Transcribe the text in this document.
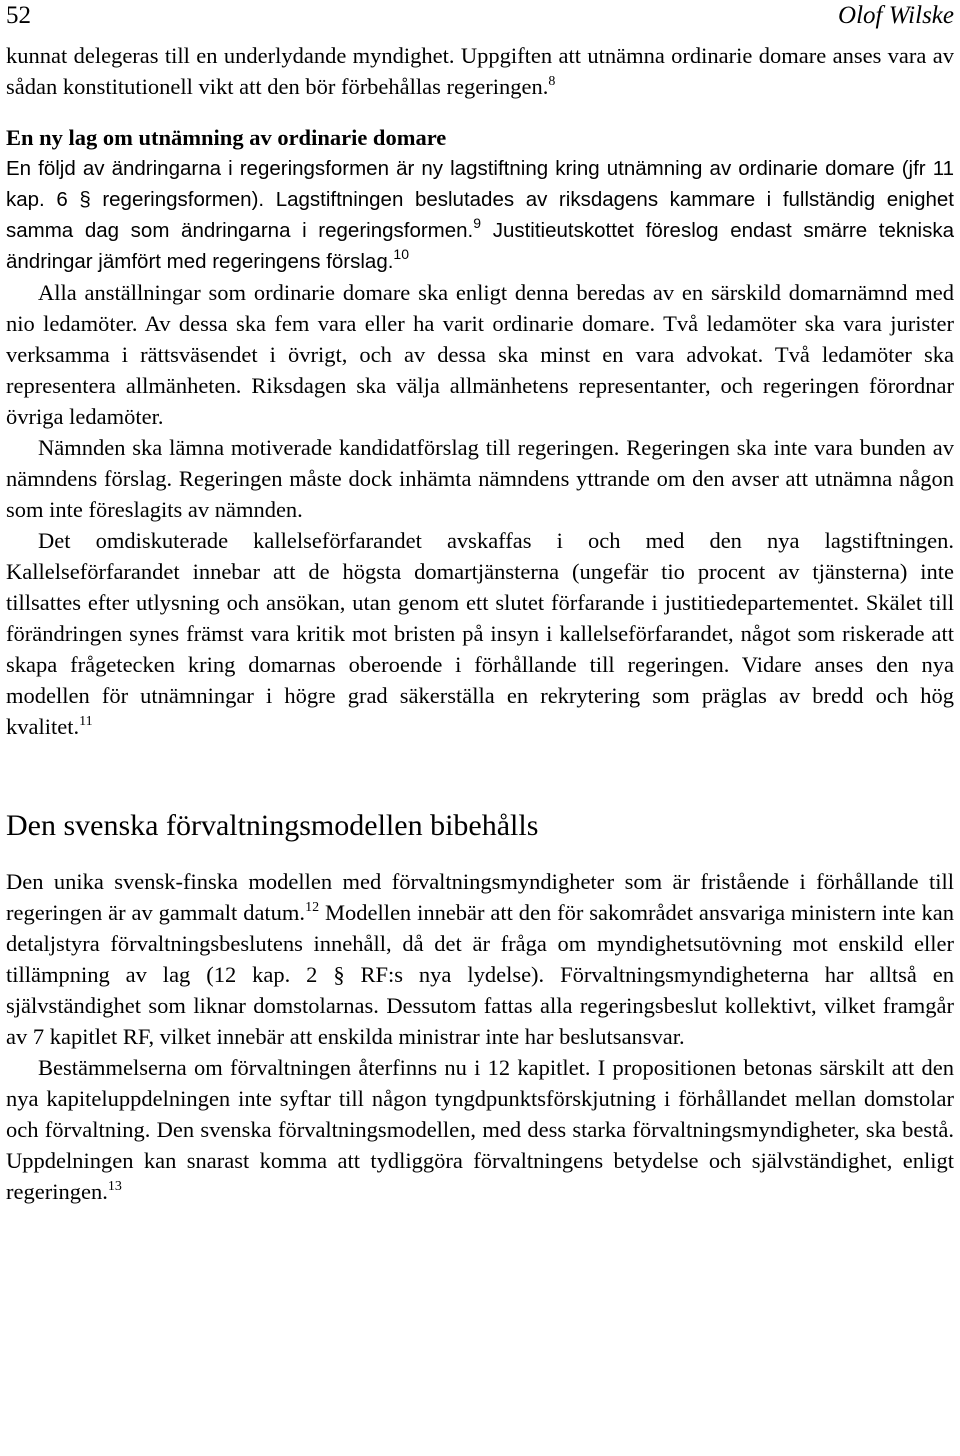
52	Olof Wilske

kunnat delegeras till en underlydande myndighet. Uppgiften att utnämna ordinarie domare anses vara av sådan konstitutionell vikt att den bör förbehållas regeringen.$^8$

En ny lag om utnämning av ordinarie domare

En följd av ändringarna i regeringsformen är ny lagstiftning kring utnämning av ordinarie domare (jfr 11 kap. 6 § regeringsformen). Lagstiftningen beslutades av riksdagens kammare i fullständig enighet samma dag som ändringarna i regeringsformen.$^9$ Justitieutskottet föreslog endast smärre tekniska ändringar jämfört med regeringens förslag.$^{10}$

Alla anställningar som ordinarie domare ska enligt denna beredas av en särskild domarnämnd med nio ledamöter. Av dessa ska fem vara eller ha varit ordinarie domare. Två ledamöter ska vara jurister verksamma i rättsväsendet i övrigt, och av dessa ska minst en vara advokat. Två ledamöter ska representera allmänheten. Riksdagen ska välja allmänhetens representanter, och regeringen förordnar övriga ledamöter.

Nämnden ska lämna motiverade kandidatförslag till regeringen. Regeringen ska inte vara bunden av nämndens förslag. Regeringen måste dock inhämta nämndens yttrande om den avser att utnämna någon som inte föreslagits av nämnden.

Det omdiskuterade kallelseförfarandet avskaffas i och med den nya lagstiftningen. Kallelseförfarandet innebar att de högsta domartjänsterna (ungefär tio procent av tjänsterna) inte tillsattes efter utlysning och ansökan, utan genom ett slutet förfarande i justitiedepartementet. Skälet till förändringen synes främst vara kritik mot bristen på insyn i kallelseförfarandet, något som riskerade att skapa frågetecken kring domarnas oberoende i förhållande till regeringen. Vidare anses den nya modellen för utnämningar i högre grad säkerställa en rekrytering som präglas av bredd och hög kvalitet.$^{11}$

Den svenska förvaltningsmodellen bibehålls

Den unika svensk-finska modellen med förvaltningsmyndigheter som är fristående i förhållande till regeringen är av gammalt datum.$^{12}$ Modellen innebär att den för sakområdet ansvariga ministern inte kan detaljstyra förvaltningsbeslutens innehåll, då det är fråga om myndighetsutövning mot enskild eller tillämpning av lag (12 kap. 2 § RF:s nya lydelse). Förvaltningsmyndigheterna har alltså en självständighet som liknar domstolarnas. Dessutom fattas alla regeringsbeslut kollektivt, vilket framgår av 7 kapitlet RF, vilket innebär att enskilda ministrar inte har beslutsansvar.

Bestämmelserna om förvaltningen återfinns nu i 12 kapitlet. I propositionen betonas särskilt att den nya kapiteluppdelningen inte syftar till någon tyngdpunktsförskjutning i förhållandet mellan domstolar och förvaltning. Den svenska förvaltningsmodellen, med dess starka förvaltningsmyndigheter, ska bestå. Uppdelningen kan snarast komma att tydliggöra förvaltningens betydelse och självständighet, enligt regeringen.$^{13}$
